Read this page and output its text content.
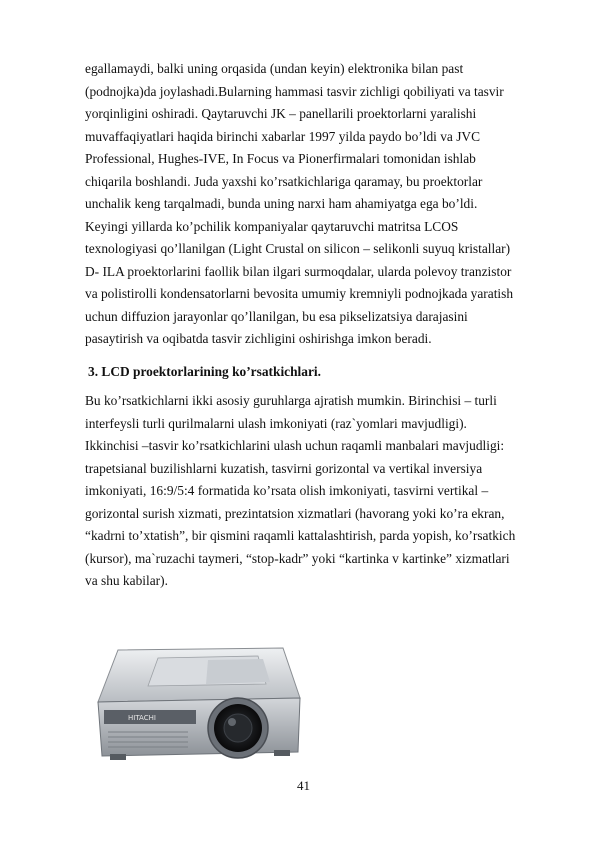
egallamaydi, balki uning orqasida (undan keyin) elektronika bilan past
(podnojka)da joylashadi.Bularning hammasi tasvir zichligi qobiliyati va tasvir
yorqinligini oshiradi. Qaytaruvchi JK – panellarili proektorlarni yaralishi
muvaffaqiyatlari haqida birinchi xabarlar 1997 yilda paydo bo’ldi va JVC
Professional, Hughes-IVE, In Focus va Pionerfirmalari tomonidan ishlab
chiqarila boshlandi. Juda yaxshi ko’rsatkichlariga qaramay, bu proektorlar
unchalik keng tarqalmadi, bunda uning narxi ham ahamiyatga ega bo’ldi.
Keyingi yillarda ko’pchilik kompaniyalar qaytaruvchi matritsa LCOS
texnologiyasi qo’llanilgan (Light Crustal on silicon – selikonli suyuq kristallar)
D- ILA proektorlarini faollik bilan ilgari surmoqdalar, ularda polevoy tranzistor
va polistirolli kondensatorlarni bevosita umumiy kremniyli podnojkada yaratish
uchun diffuzion jarayonlar qo’llanilgan, bu esa pikselizatsiya darajasini
pasaytirish va oqibatda tasvir zichligini oshirishga imkon beradi.
3. LCD proektorlarining ko’rsatkichlari.
Bu ko’rsatkichlarni ikki asosiy guruhlarga ajratish mumkin. Birinchisi – turli
interfeysli turli qurilmalarni ulash imkoniyati (raz`yomlari mavjudligi).
Ikkinchisi –tasvir ko’rsatkichlarini ulash uchun raqamli manbalari mavjudligi:
trapetsianal buzilishlarni kuzatish, tasvirni gorizontal va vertikal inversiya
imkoniyati, 16:9/5:4 formatida ko’rsata olish imkoniyati, tasvirni vertikal –
gorizontal surish xizmati, prezintatsion xizmatlari (havorang yoki ko’ra ekran,
“kadrni to’xtatish”, bir qismini raqamli kattalashtirish, parda yopish, ko’rsatkich
(kursor), ma`ruzachi taymeri, “stop-kadr” yoki “kartinka v kartinke” xizmatlari
va shu kabilar).
HITACHI
41
